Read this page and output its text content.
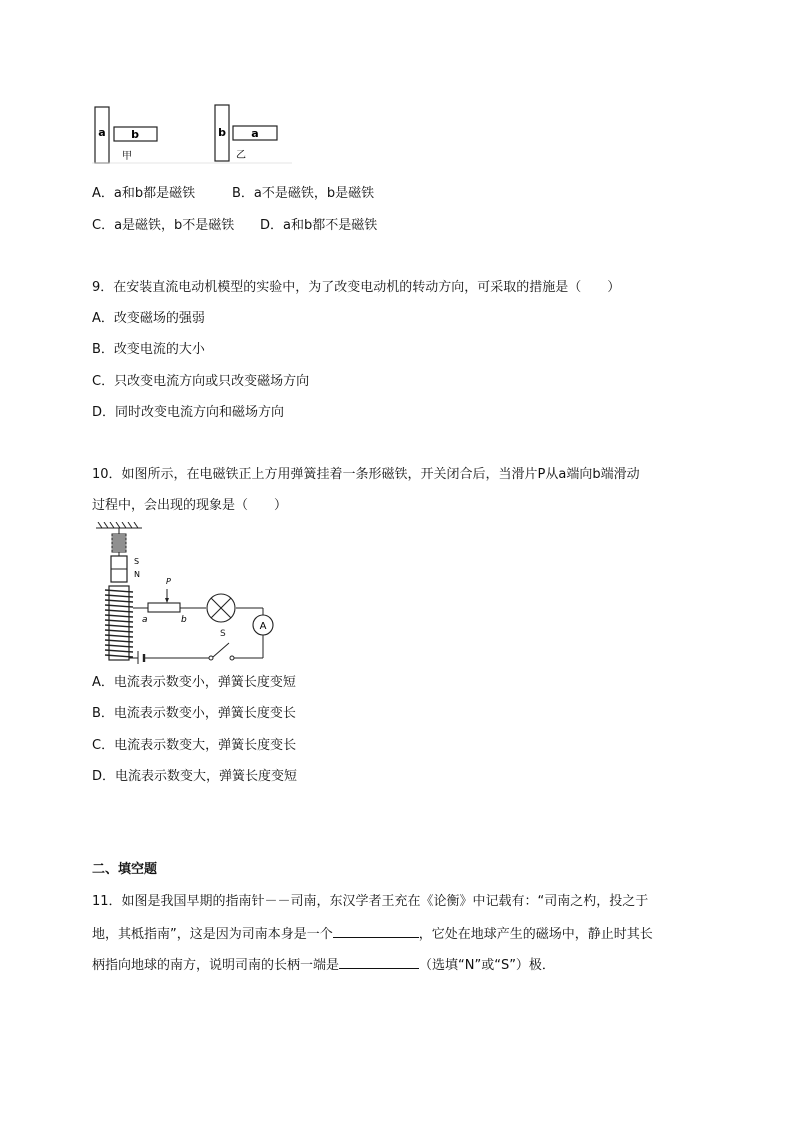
a b
甲
b a
乙
A．a和b都是磁铁	B．a不是磁铁，b是磁铁
C．a是磁铁，b不是磁铁 D．a和b都不是磁铁
9．在安装直流电动机模型的实验中，为了改变电动机的转动方向，可采取的措施是（　　）
A．改变磁场的强弱
B．改变电流的大小
C．只改变电流方向或只改变磁场方向
D．同时改变电流方向和磁场方向
10．如图所示，在电磁铁正上方用弹簧挂着一条形磁铁，开关闭合后，当滑片P从a端向b端滑动
过程中，会出现的现象是（　　）
S
N
P
a	b
A
S
A．电流表示数变小，弹簧长度变短
B．电流表示数变小，弹簧长度变长
C．电流表示数变大，弹簧长度变长
D．电流表示数变大，弹簧长度变短
二、填空题
11．如图是我国早期的指南针－－司南，东汉学者王充在《论衡》中记载有：“司南之杓，投之于
地，其柢指南”，这是因为司南本身是一个	，它处在地球产生的磁场中，静止时其长
柄指向地球的南方，说明司南的长柄一端是	（选填“N”或“S”）极．
